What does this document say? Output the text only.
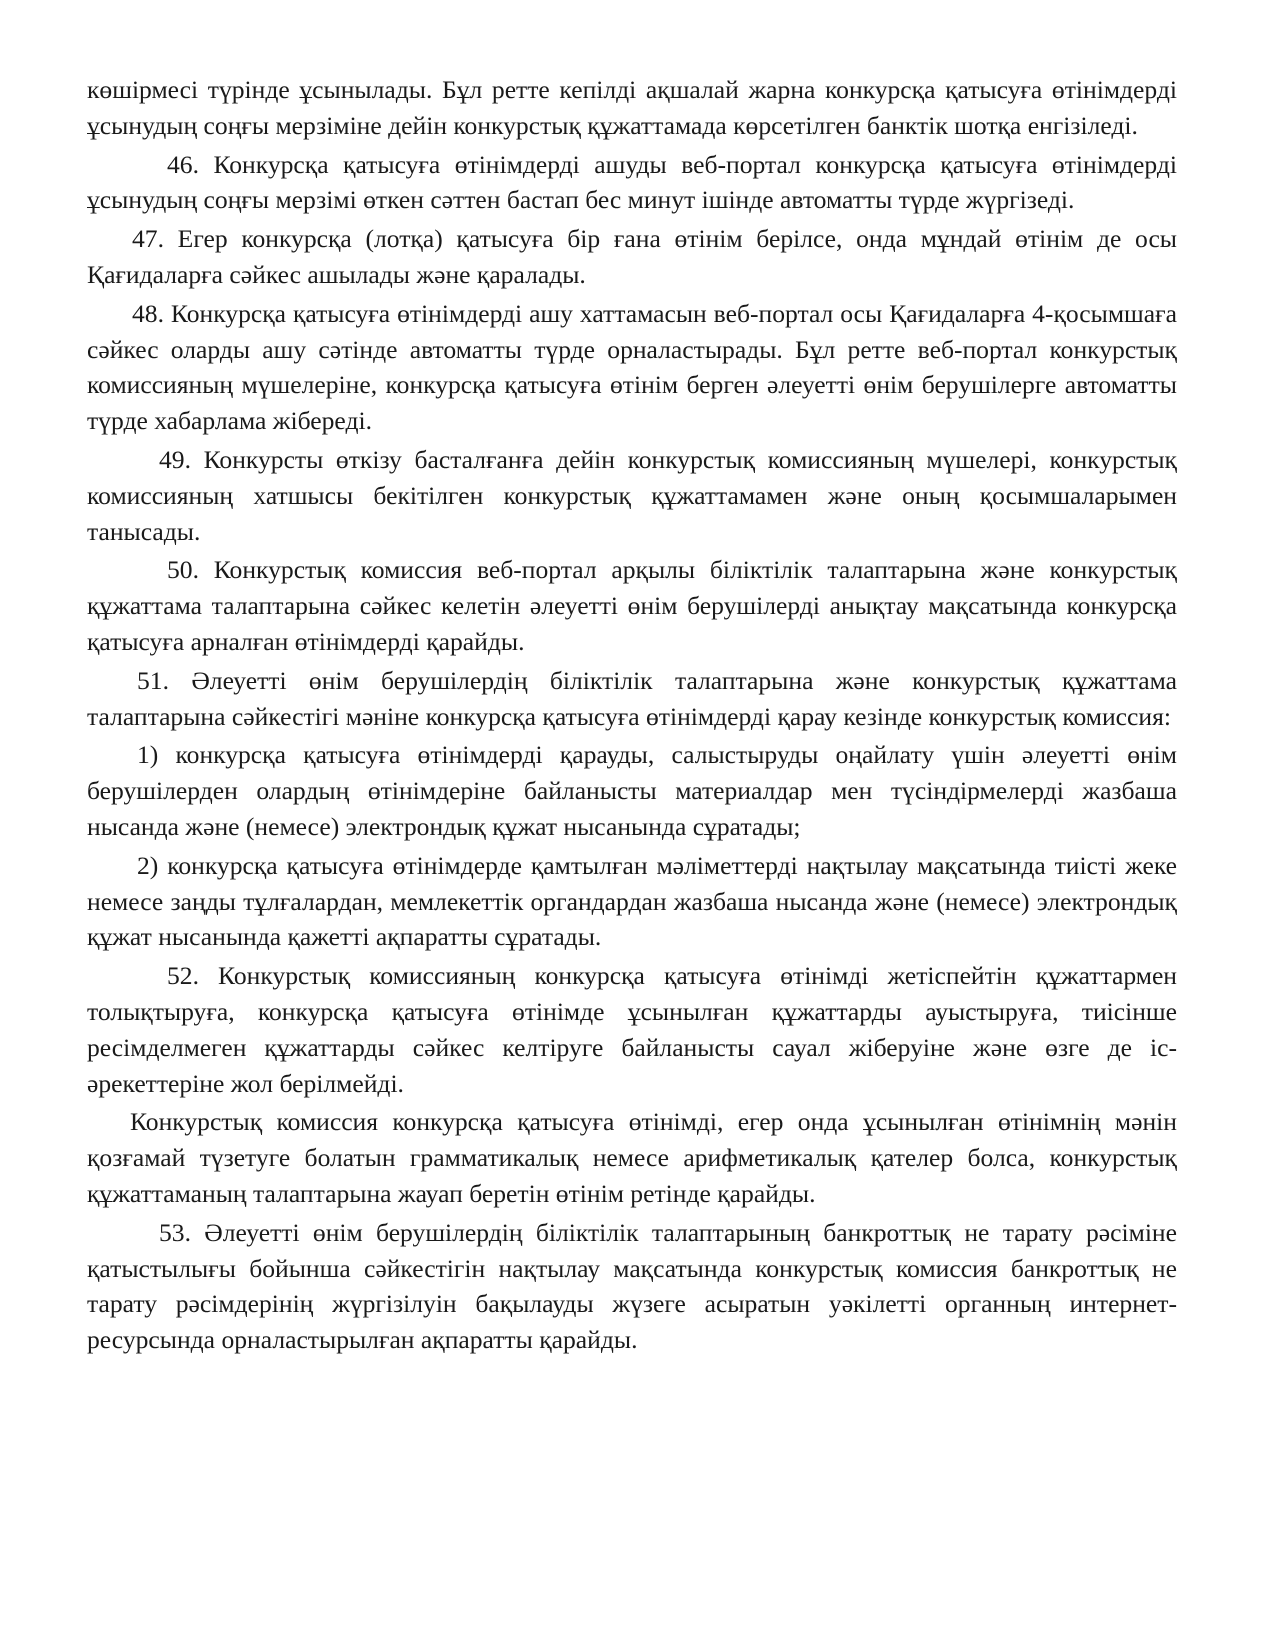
көшірмесі түрінде ұсынылады. Бұл ретте кепілді ақшалай жарна конкурсқа қатысуға өтінімдерді ұсынудың соңғы мерзіміне дейін конкурстық құжаттамада көрсетілген банктік шотқа енгізіледі.

46. Конкурсқа қатысуға өтінімдерді ашуды веб-портал конкурсқа қатысуға өтінімдерді ұсынудың соңғы мерзімі өткен сәттен бастап бес минут ішінде автоматты түрде жүргізеді.

47. Егер конкурсқа (лотқа) қатысуға бір ғана өтінім берілсе, онда мұндай өтінім де осы Қағидаларға сәйкес ашылады және қаралады.

48. Конкурсқа қатысуға өтінімдерді ашу хаттамасын веб-портал осы Қағидаларға 4-қосымшаға сәйкес оларды ашу сәтінде автоматты түрде орналастырады. Бұл ретте веб-портал конкурстық комиссияның мүшелеріне, конкурсқа қатысуға өтінім берген әлеуетті өнім берушілерге автоматты түрде хабарлама жібереді.

49. Конкурсты өткізу басталғанға дейін конкурстық комиссияның мүшелері, конкурстық комиссияның хатшысы бекітілген конкурстық құжаттамамен және оның қосымшаларымен танысады.

50. Конкурстық комиссия веб-портал арқылы біліктілік талаптарына және конкурстық құжаттама талаптарына сәйкес келетін әлеуетті өнім берушілерді анықтау мақсатында конкурсқа қатысуға арналған өтінімдерді қарайды.

51. Әлеуетті өнім берушілердің біліктілік талаптарына және конкурстық құжаттама талаптарына сәйкестігі мәніне конкурсқа қатысуға өтінімдерді қарау кезінде конкурстық комиссия:

1) конкурсқа қатысуға өтінімдерді қарауды, салыстыруды оңайлату үшін әлеуетті өнім берушілерден олардың өтінімдеріне байланысты материалдар мен түсіндірмелерді жазбаша нысанда және (немесе) электрондық құжат нысанында сұратады;

2) конкурсқа қатысуға өтінімдерде қамтылған мәліметтерді нақтылау мақсатында тиісті жеке немесе заңды тұлғалардан, мемлекеттік органдардан жазбаша нысанда және (немесе) электрондық құжат нысанында қажетті ақпаратты сұратады.

52. Конкурстық комиссияның конкурсқа қатысуға өтінімді жетіспейтін құжаттармен толықтыруға, конкурсқа қатысуға өтінімде ұсынылған құжаттарды ауыстыруға, тиісінше ресімделмеген құжаттарды сәйкес келтіруге байланысты сауал жіберуіне және өзге де іс-әрекеттеріне жол берілмейді.

Конкурстық комиссия конкурсқа қатысуға өтінімді, егер онда ұсынылған өтінімнің мәнін қозғамай түзетуге болатын грамматикалық немесе арифметикалық қателер болса, конкурстық құжаттаманың талаптарына жауап беретін өтінім ретінде қарайды.

53. Әлеуетті өнім берушілердің біліктілік талаптарының банкроттық не тарату рәсіміне қатыстылығы бойынша сәйкестігін нақтылау мақсатында конкурстық комиссия банкроттық не тарату рәсімдерінің жүргізілуін бақылауды жүзеге асыратын уәкілетті органның интернет-ресурсында орналастырылған ақпаратты қарайды.
